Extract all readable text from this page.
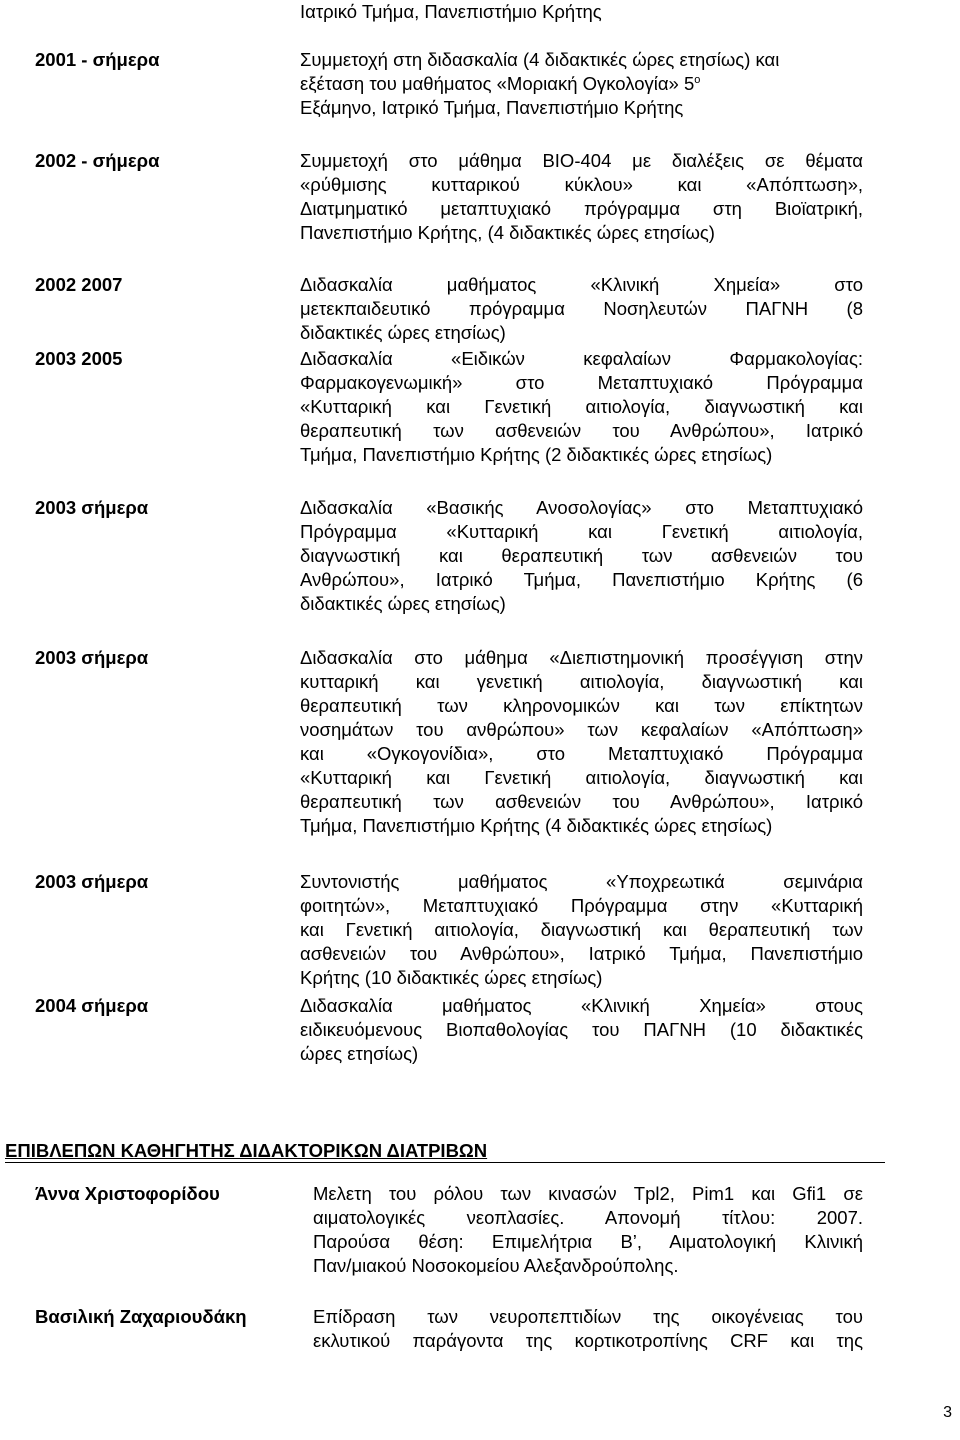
Ιατρικό Τμήμα, Πανεπιστήμιο Κρήτης
2001 - σήμερα	Συμμετοχή στη διδασκαλία (4 διδακτικές ώρες ετησίως) και
εξέταση του μαθήματος «Μοριακή Ογκολογία» $5^o$
Εξάμηνο, Ιατρικό Τμήμα, Πανεπιστήμιο Κρήτης
2002 - σήμερα	Συμμετοχή στο μάθημα ΒΙΟ-404 με διαλέξεις σε θέματα
«ρύθμισης κυτταρικού κύκλου» και «Απόπτωση»,
Διατμηματικό μεταπτυχιακό πρόγραμμα στη Βιοϊατρική,
Πανεπιστήμιο Κρήτης, (4 διδακτικές ώρες ετησίως)
2002 2007	Διδασκαλία μαθήματος «Κλινική Χημεία» στο
μετεκπαιδευτικό πρόγραμμα Νοσηλευτών ΠΑΓΝΗ (8
διδακτικές ώρες ετησίως)
2003 2005	Διδασκαλία «Ειδικών κεφαλαίων Φαρμακολογίας:
Φαρμακογενωμική» στο Μεταπτυχιακό Πρόγραμμα
«Κυτταρική και Γενετική αιτιολογία, διαγνωστική και
θεραπευτική των ασθενειών του Ανθρώπου», Ιατρικό
Τμήμα, Πανεπιστήμιο Κρήτης (2 διδακτικές ώρες ετησίως)
2003 σήμερα	Διδασκαλία «Βασικής Ανοσολογίας» στο Μεταπτυχιακό
Πρόγραμμα «Κυτταρική και Γενετική αιτιολογία,
διαγνωστική και θεραπευτική των ασθενειών του
Ανθρώπου», Ιατρικό Τμήμα, Πανεπιστήμιο Κρήτης (6
διδακτικές ώρες ετησίως)
2003 σήμερα	Διδασκαλία στο μάθημα «Διεπιστημονική προσέγγιση στην
κυτταρική και γενετική αιτιολογία, διαγνωστική και
θεραπευτική των κληρονομικών και των επίκτητων
νοσημάτων του ανθρώπου» των κεφαλαίων «Απόπτωση»
και «Ογκογονίδια», στο Μεταπτυχιακό Πρόγραμμα
«Κυτταρική και Γενετική αιτιολογία, διαγνωστική και
θεραπευτική των ασθενειών του Ανθρώπου», Ιατρικό
Τμήμα, Πανεπιστήμιο Κρήτης (4 διδακτικές ώρες ετησίως)
2003 σήμερα	Συντονιστής μαθήματος «Υποχρεωτικά σεμινάρια
φοιτητών», Μεταπτυχιακό Πρόγραμμα στην «Κυτταρική
και Γενετική αιτιολογία, διαγνωστική και θεραπευτική των
ασθενειών του Ανθρώπου», Ιατρικό Τμήμα, Πανεπιστήμιο
Κρήτης (10 διδακτικές ώρες ετησίως)
2004 σήμερα	Διδασκαλία μαθήματος «Κλινική Χημεία» στους
ειδικευόμενους Βιοπαθολογίας του ΠΑΓΝΗ (10 διδακτικές
ώρες ετησίως)
ΕΠΙΒΛΕΠΩΝ ΚΑΘΗΓΗΤΗΣ ΔΙΔΑΚΤΟΡΙΚΩΝ ΔΙΑΤΡΙΒΩΝ
Άννα Χριστοφορίδου	Μελετη του ρόλου των κινασών Tpl2, Pim1 και Gfi1 σε
αιματολογικές νεοπλασίες. Απονομή τίτλου: 2007.
Παρούσα θέση: Επιμελήτρια Β’, Αιματολογική Κλινική
Παν/μιακού Νοσοκομείου Αλεξανδρούπολης.
Βασιλική Ζαχαριουδάκη	Επίδραση των νευροπεπτιδίων της οικογένειας του
εκλυτικού παράγοντα της κορτικοτροπίνης CRF και της
3
